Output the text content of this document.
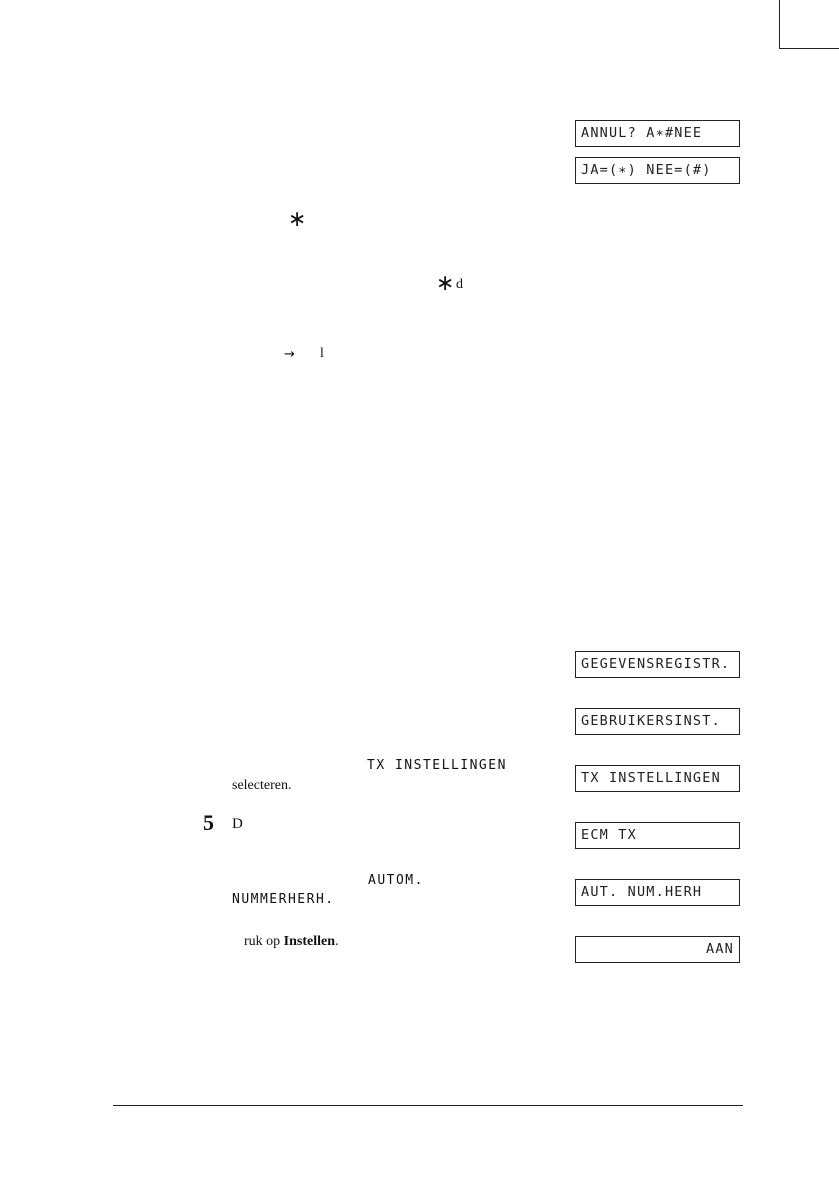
ANNUL? A∗#NEE
JA=(∗) NEE=(#)
GEGEVENSREGISTR.
GEBRUIKERSINST.
TX INSTELLINGEN
ECM TX
AUT. NUM.HERH
AAN
∗
∗ d
→ l
TX INSTELLINGEN
selecteren.
5 D
AUTOM.
NUMMERHERH.
ruk op Instellen.
